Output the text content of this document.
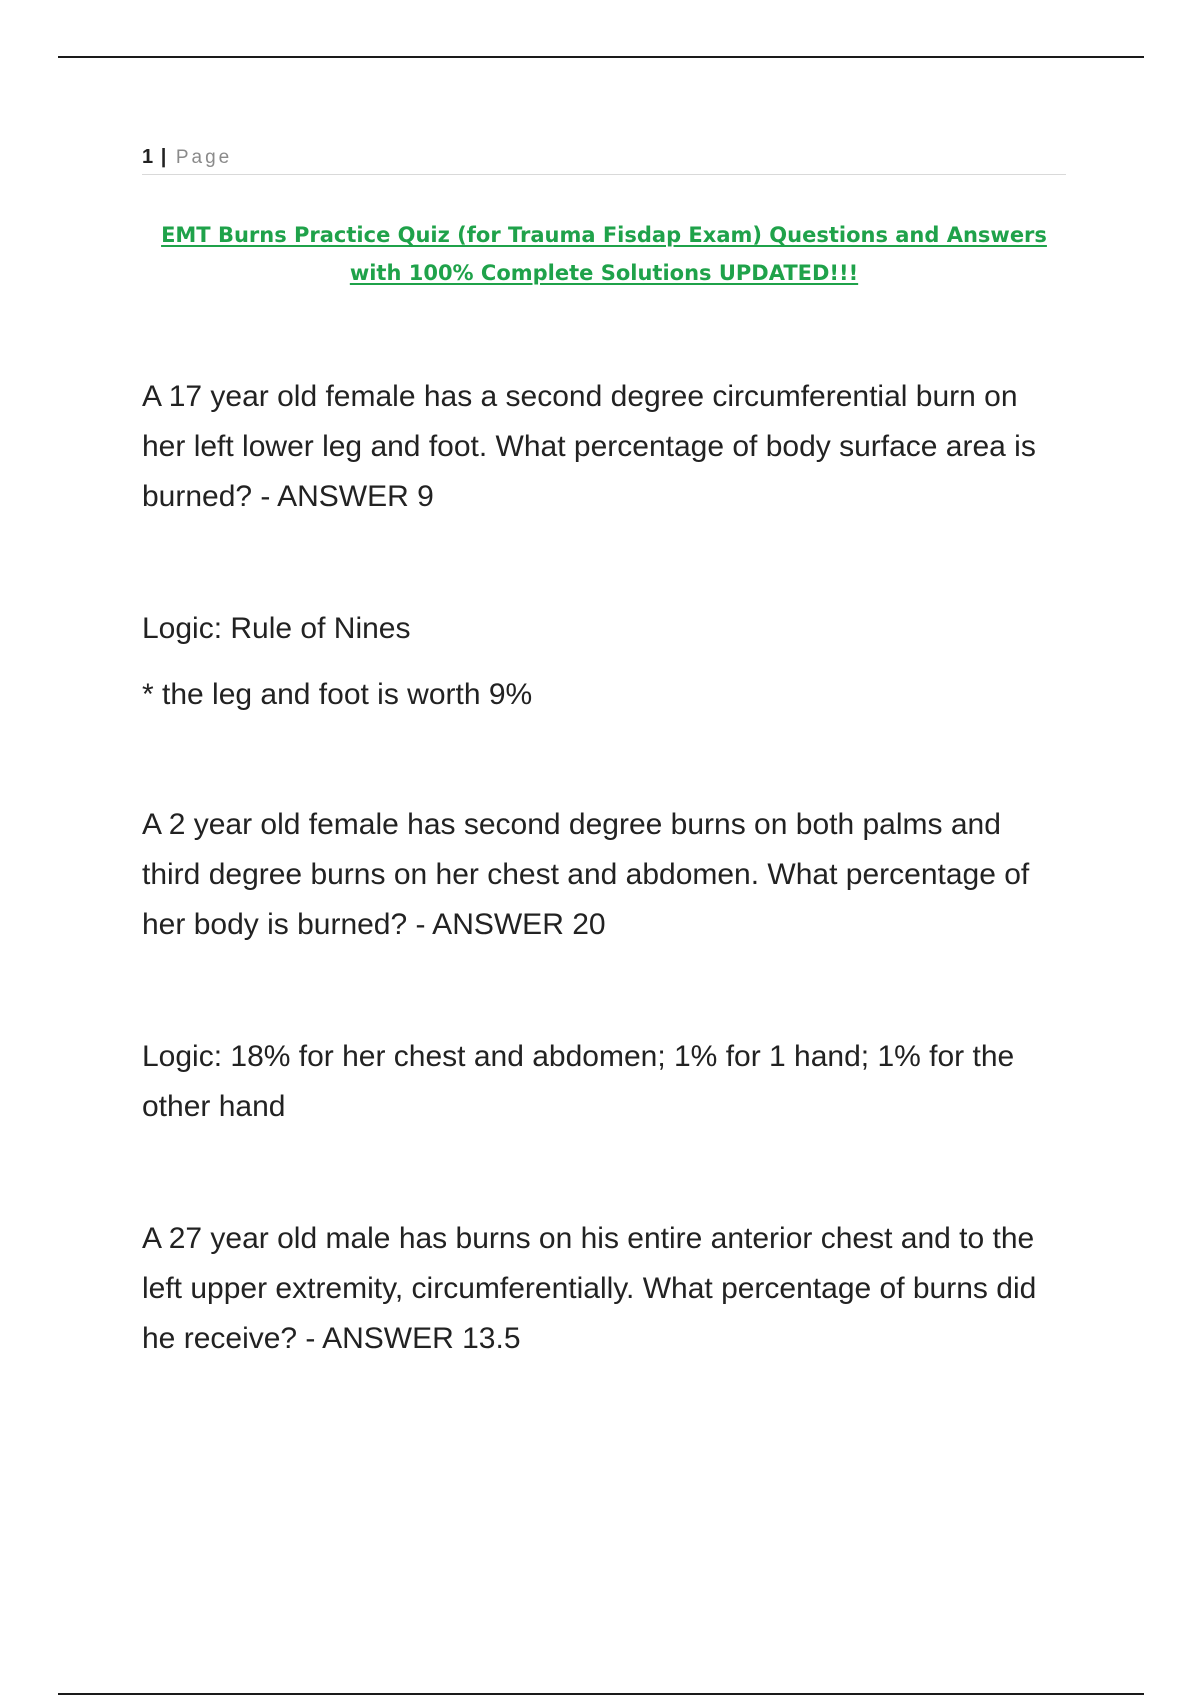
1 | Page
EMT Burns Practice Quiz (for Trauma Fisdap Exam) Questions and Answers with 100% Complete Solutions UPDATED!!!

A 17 year old female has a second degree circumferential burn on her left lower leg and foot. What percentage of body surface area is burned? - ANSWER 9

Logic: Rule of Nines

* the leg and foot is worth 9%

A 2 year old female has second degree burns on both palms and third degree burns on her chest and abdomen. What percentage of her body is burned? - ANSWER 20

Logic: 18% for her chest and abdomen; 1% for 1 hand; 1% for the other hand

A 27 year old male has burns on his entire anterior chest and to the left upper extremity, circumferentially. What percentage of burns did he receive? - ANSWER 13.5
